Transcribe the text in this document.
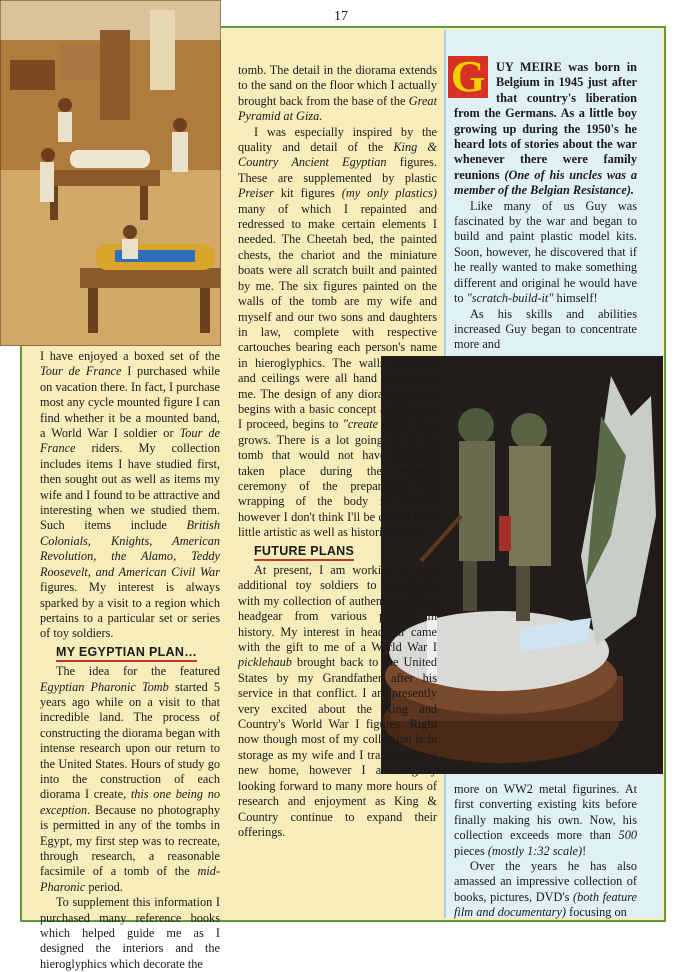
17

I have enjoyed a boxed set of the Tour de France I purchased while on vacation there. In fact, I purchase most any cycle mounted figure I can find whether it be a mounted band, a World War I soldier or Tour de France riders. My collection includes items I have studied first, then sought out as well as items my wife and I found to be attractive and interesting when we studied them. Such items include British Colonials, Knights, American Revolution, the Alamo, Teddy Roosevelt, and American Civil War figures. My interest is always sparked by a visit to a region which pertains to a particular set or series of toy soldiers.

MY EGYPTIAN PLAN…

The idea for the featured Egyptian Pharonic Tomb started 5 years ago while on a visit to that incredible land. The process of constructing the diorama began with intense research upon our return to the United States. Hours of study go into the construction of each diorama I create, this one being no exception. Because no photography is permitted in any of the tombs in Egypt, my first step was to recreate, through research, a reasonable facsimile of a tomb of the mid-Pharonic period.

To supplement this information I purchased many reference books which helped guide me as I designed the interiors and the hieroglyphics which decorate the

tomb. The detail in the diorama extends to the sand on the floor which I actually brought back from the base of the Great Pyramid at Giza.

I was especially inspired by the quality and detail of the King & Country Ancient Egyptian figures. These are supplemented by plastic Preiser kit figures (my only plastics) many of which I repainted and redressed to make certain elements I needed. The Cheetah bed, the painted chests, the chariot and the miniature boats were all scratch built and painted by me. The six figures painted on the walls of the tomb are my wife and myself and our two sons and daughters in law, complete with respective cartouches bearing each person's name in hieroglyphics. The walls, columns and ceilings were all hand painted by me. The design of any diorama for me begins with a basic concept and then as I proceed, begins to "create itself" as it grows. There is a lot going on in the tomb that would not have typically taken place during the reverent ceremony of the preparation and wrapping of the body for burial, however I don't think I'll be cursed for a little artistic as well as historic license.

FUTURE PLANS

At present, I am working to find additional toy soldiers to coordinate with my collection of authentic military headgear from various periods in history. My interest in headgear came with the gift to me of a World War I picklehaub brought back to the United States by my Grandfather after his service in that conflict. I am presently very excited about the King and Country's World War I figures. Right now though most of my collection is in storage as my wife and I transition to a new home, however I am eagerly looking forward to many more hours of research and enjoyment as King & Country continue to expand their offerings.

G UY MEIRE was born in Belgium in 1945 just after that country's liberation from the Germans. As a little boy growing up during the 1950's he heard lots of stories about the war whenever there were family reunions (One of his uncles was a member of the Belgian Resistance).

Like many of us Guy was fascinated by the war and began to build and paint plastic model kits. Soon, however, he discovered that if he really wanted to make something different and original he would have to "scratch-build-it" himself!

As his skills and abilities increased Guy began to concentrate more and

more on WW2 metal figurines. At first converting existing kits before finally making his own. Now, his collection exceeds more than 500 pieces (mostly 1:32 scale)!

Over the years he has also amassed an impressive collection of books, pictures, DVD's (both feature film and documentary) focusing on
